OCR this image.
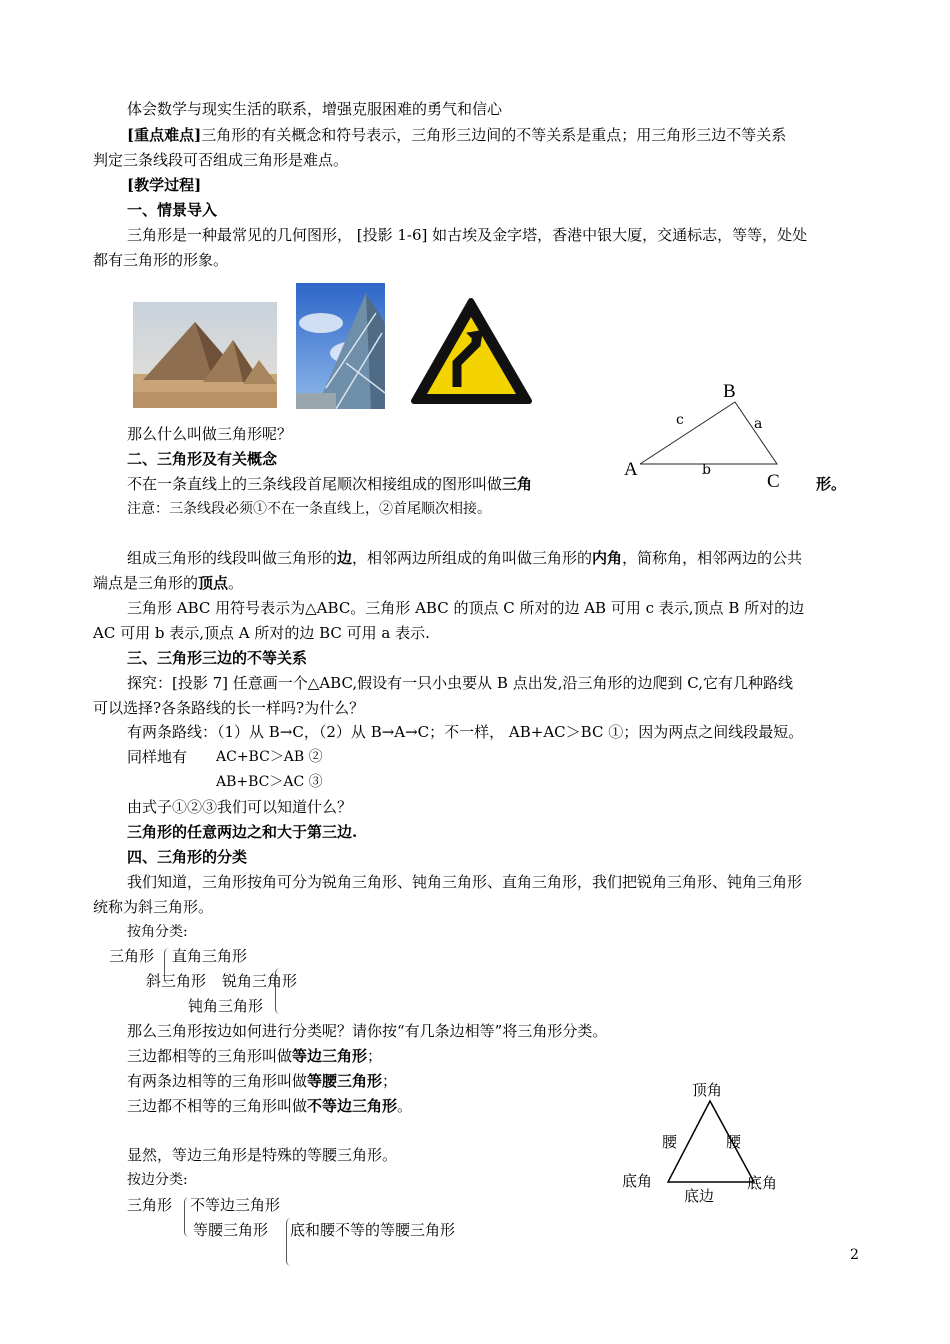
体会数学与现实生活的联系，增强克服困难的勇气和信心
[重点难点]三角形的有关概念和符号表示，三角形三边间的不等关系是重点；用三角形三边不等关系
判定三条线段可否组成三角形是难点。
[教学过程]
一、情景导入
三角形是一种最常见的几何图形， [投影 1-6] 如古埃及金字塔，香港中银大厦，交通标志，等等，处处
都有三角形的形象。
B
c	a
A	b
C
那么什么叫做三角形呢？
二、三角形及有关概念
不在一条直线上的三条线段首尾顺次相接组成的图形叫做三角	形。
注意：三条线段必须①不在一条直线上，②首尾顺次相接。
组成三角形的线段叫做三角形的边，相邻两边所组成的角叫做三角形的内角，简称角，相邻两边的公共
端点是三角形的顶点。
三角形 ABC 用符号表示为△ABC。三角形 ABC 的顶点 C 所对的边 AB 可用 c 表示,顶点 B 所对的边
AC 可用 b 表示,顶点 A 所对的边 BC 可用 a 表示.
三、三角形三边的不等关系
探究：[投影 7] 任意画一个△ABC,假设有一只小虫要从 B 点出发,沿三角形的边爬到 C,它有几种路线
可以选择?各条路线的长一样吗?为什么？
有两条路线：（1）从 B→C，（2）从 B→A→C；不一样， AB+AC＞BC ①；因为两点之间线段最短。
同样地有 AC+BC＞AB ②
AB+BC＞AC ③
由式子①②③我们可以知道什么？
三角形的任意两边之和大于第三边.
四、三角形的分类
我们知道，三角形按角可分为锐角三角形、钝角三角形、直角三角形，我们把锐角三角形、钝角三角形
统称为斜三角形。
按角分类:
三角形 直角三角形
斜三角形 锐角三角形
钝角三角形
那么三角形按边如何进行分类呢？请你按“有几条边相等”将三角形分类。
三边都相等的三角形叫做等边三角形；
有两条边相等的三角形叫做等腰三角形；
三边都不相等的三角形叫做不等边三角形。
显然，等边三角形是特殊的等腰三角形。
按边分类:
三角形 不等边三角形
等腰三角形 底和腰不等的等腰三角形
顶角
腰	腰
底角	底角
底边
2
